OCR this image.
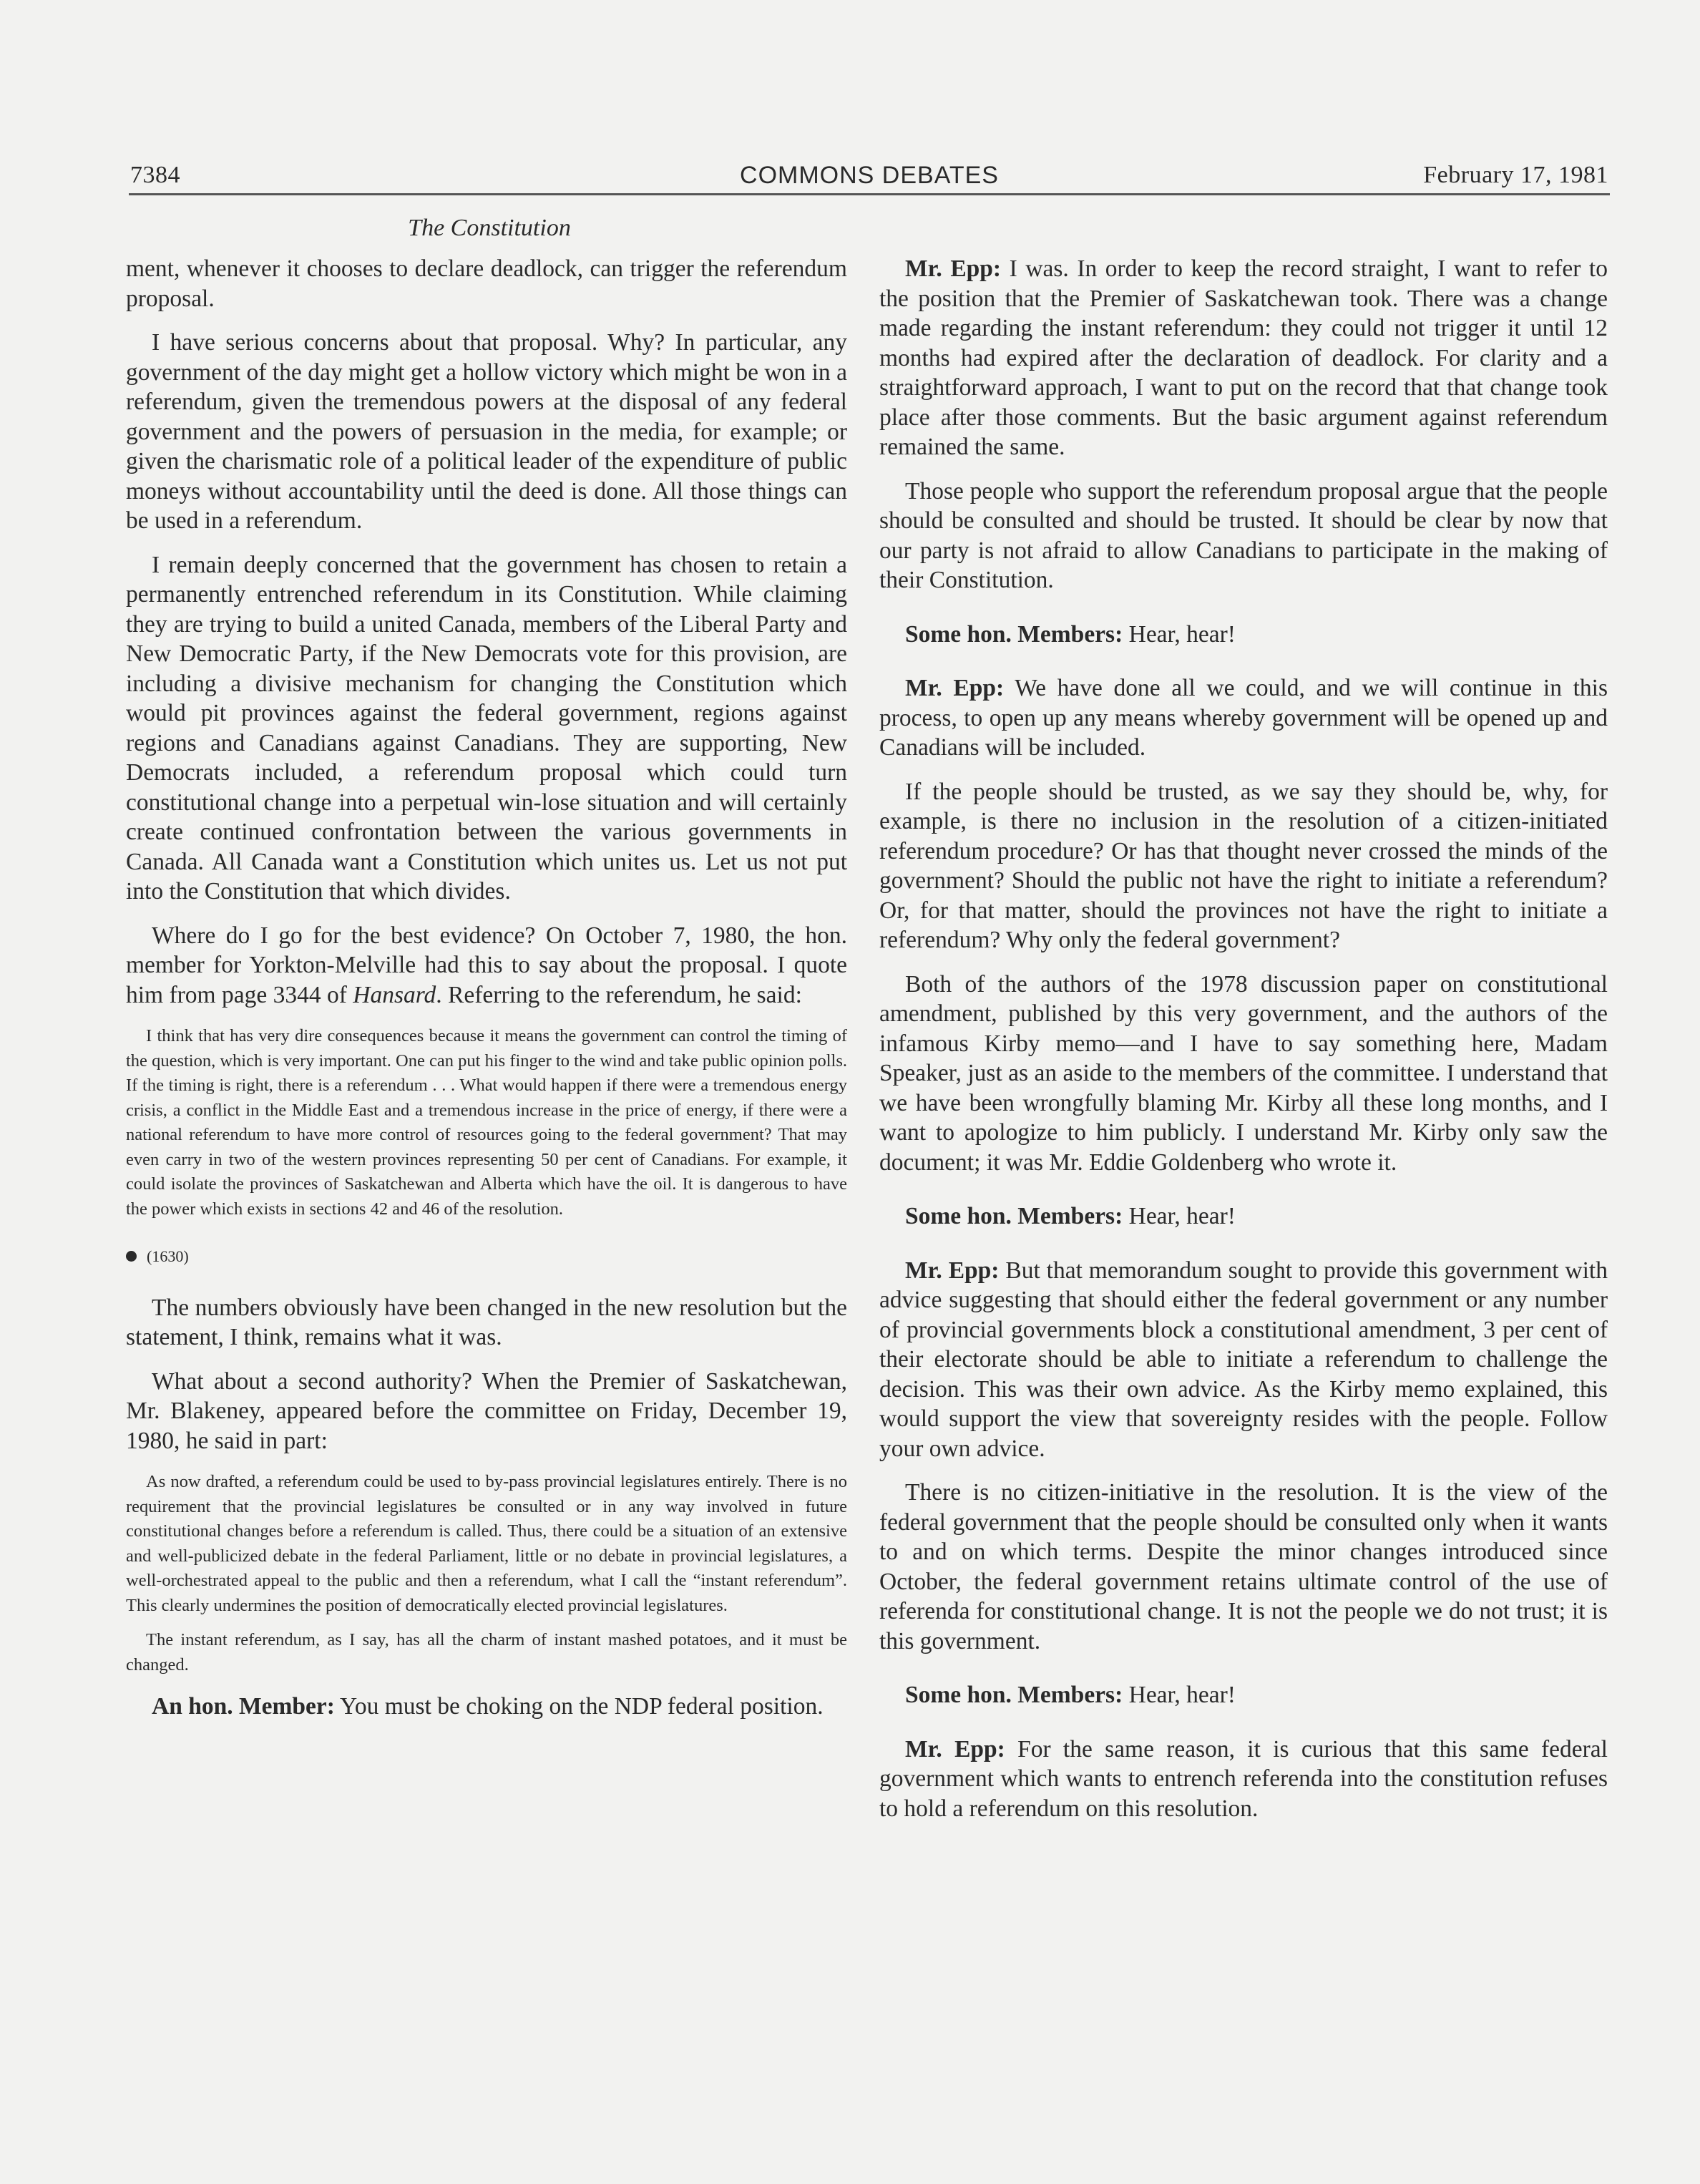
7384	COMMONS DEBATES	February 17, 1981
The Constitution

ment, whenever it chooses to declare deadlock, can trigger the referendum proposal.

I have serious concerns about that proposal. Why? In particular, any government of the day might get a hollow victory which might be won in a referendum, given the tremendous powers at the disposal of any federal government and the powers of persuasion in the media, for example; or given the charismatic role of a political leader of the expenditure of public moneys without accountability until the deed is done. All those things can be used in a referendum.

I remain deeply concerned that the government has chosen to retain a permanently entrenched referendum in its Constitution. While claiming they are trying to build a united Canada, members of the Liberal Party and New Democratic Party, if the New Democrats vote for this provision, are including a divisive mechanism for changing the Constitution which would pit provinces against the federal government, regions against regions and Canadians against Canadians. They are supporting, New Democrats included, a referendum proposal which could turn constitutional change into a perpetual win-lose situation and will certainly create continued confrontation between the various governments in Canada. All Canada want a Constitution which unites us. Let us not put into the Constitution that which divides.

Where do I go for the best evidence? On October 7, 1980, the hon. member for Yorkton-Melville had this to say about the proposal. I quote him from page 3344 of Hansard. Referring to the referendum, he said:

I think that has very dire consequences because it means the government can control the timing of the question, which is very important. One can put his finger to the wind and take public opinion polls. If the timing is right, there is a referendum . . . What would happen if there were a tremendous energy crisis, a conflict in the Middle East and a tremendous increase in the price of energy, if there were a national referendum to have more control of resources going to the federal government? That may even carry in two of the western provinces representing 50 per cent of Canadians. For example, it could isolate the provinces of Saskatchewan and Alberta which have the oil. It is dangerous to have the power which exists in sections 42 and 46 of the resolution.
(1630)

The numbers obviously have been changed in the new resolution but the statement, I think, remains what it was.

What about a second authority? When the Premier of Saskatchewan, Mr. Blakeney, appeared before the committee on Friday, December 19, 1980, he said in part:

As now drafted, a referendum could be used to by-pass provincial legislatures entirely. There is no requirement that the provincial legislatures be consulted or in any way involved in future constitutional changes before a referendum is called. Thus, there could be a situation of an extensive and well-publicized debate in the federal Parliament, little or no debate in provincial legislatures, a well-orchestrated appeal to the public and then a referendum, what I call the “instant referendum”. This clearly undermines the position of democratically elected provincial legislatures.
The instant referendum, as I say, has all the charm of instant mashed potatoes, and it must be changed.

An hon. Member: You must be choking on the NDP federal position.

Mr. Epp: I was. In order to keep the record straight, I want to refer to the position that the Premier of Saskatchewan took. There was a change made regarding the instant referendum: they could not trigger it until 12 months had expired after the declaration of deadlock. For clarity and a straightforward approach, I want to put on the record that that change took place after those comments. But the basic argument against referendum remained the same.

Those people who support the referendum proposal argue that the people should be consulted and should be trusted. It should be clear by now that our party is not afraid to allow Canadians to participate in the making of their Constitution.

Some hon. Members: Hear, hear!

Mr. Epp: We have done all we could, and we will continue in this process, to open up any means whereby government will be opened up and Canadians will be included.

If the people should be trusted, as we say they should be, why, for example, is there no inclusion in the resolution of a citizen-initiated referendum procedure? Or has that thought never crossed the minds of the government? Should the public not have the right to initiate a referendum? Or, for that matter, should the provinces not have the right to initiate a referendum? Why only the federal government?

Both of the authors of the 1978 discussion paper on constitutional amendment, published by this very government, and the authors of the infamous Kirby memo—and I have to say something here, Madam Speaker, just as an aside to the members of the committee. I understand that we have been wrongfully blaming Mr. Kirby all these long months, and I want to apologize to him publicly. I understand Mr. Kirby only saw the document; it was Mr. Eddie Goldenberg who wrote it.

Some hon. Members: Hear, hear!

Mr. Epp: But that memorandum sought to provide this government with advice suggesting that should either the federal government or any number of provincial governments block a constitutional amendment, 3 per cent of their electorate should be able to initiate a referendum to challenge the decision. This was their own advice. As the Kirby memo explained, this would support the view that sovereignty resides with the people. Follow your own advice.

There is no citizen-initiative in the resolution. It is the view of the federal government that the people should be consulted only when it wants to and on which terms. Despite the minor changes introduced since October, the federal government retains ultimate control of the use of referenda for constitutional change. It is not the people we do not trust; it is this government.

Some hon. Members: Hear, hear!

Mr. Epp: For the same reason, it is curious that this same federal government which wants to entrench referenda into the constitution refuses to hold a referendum on this resolution.
